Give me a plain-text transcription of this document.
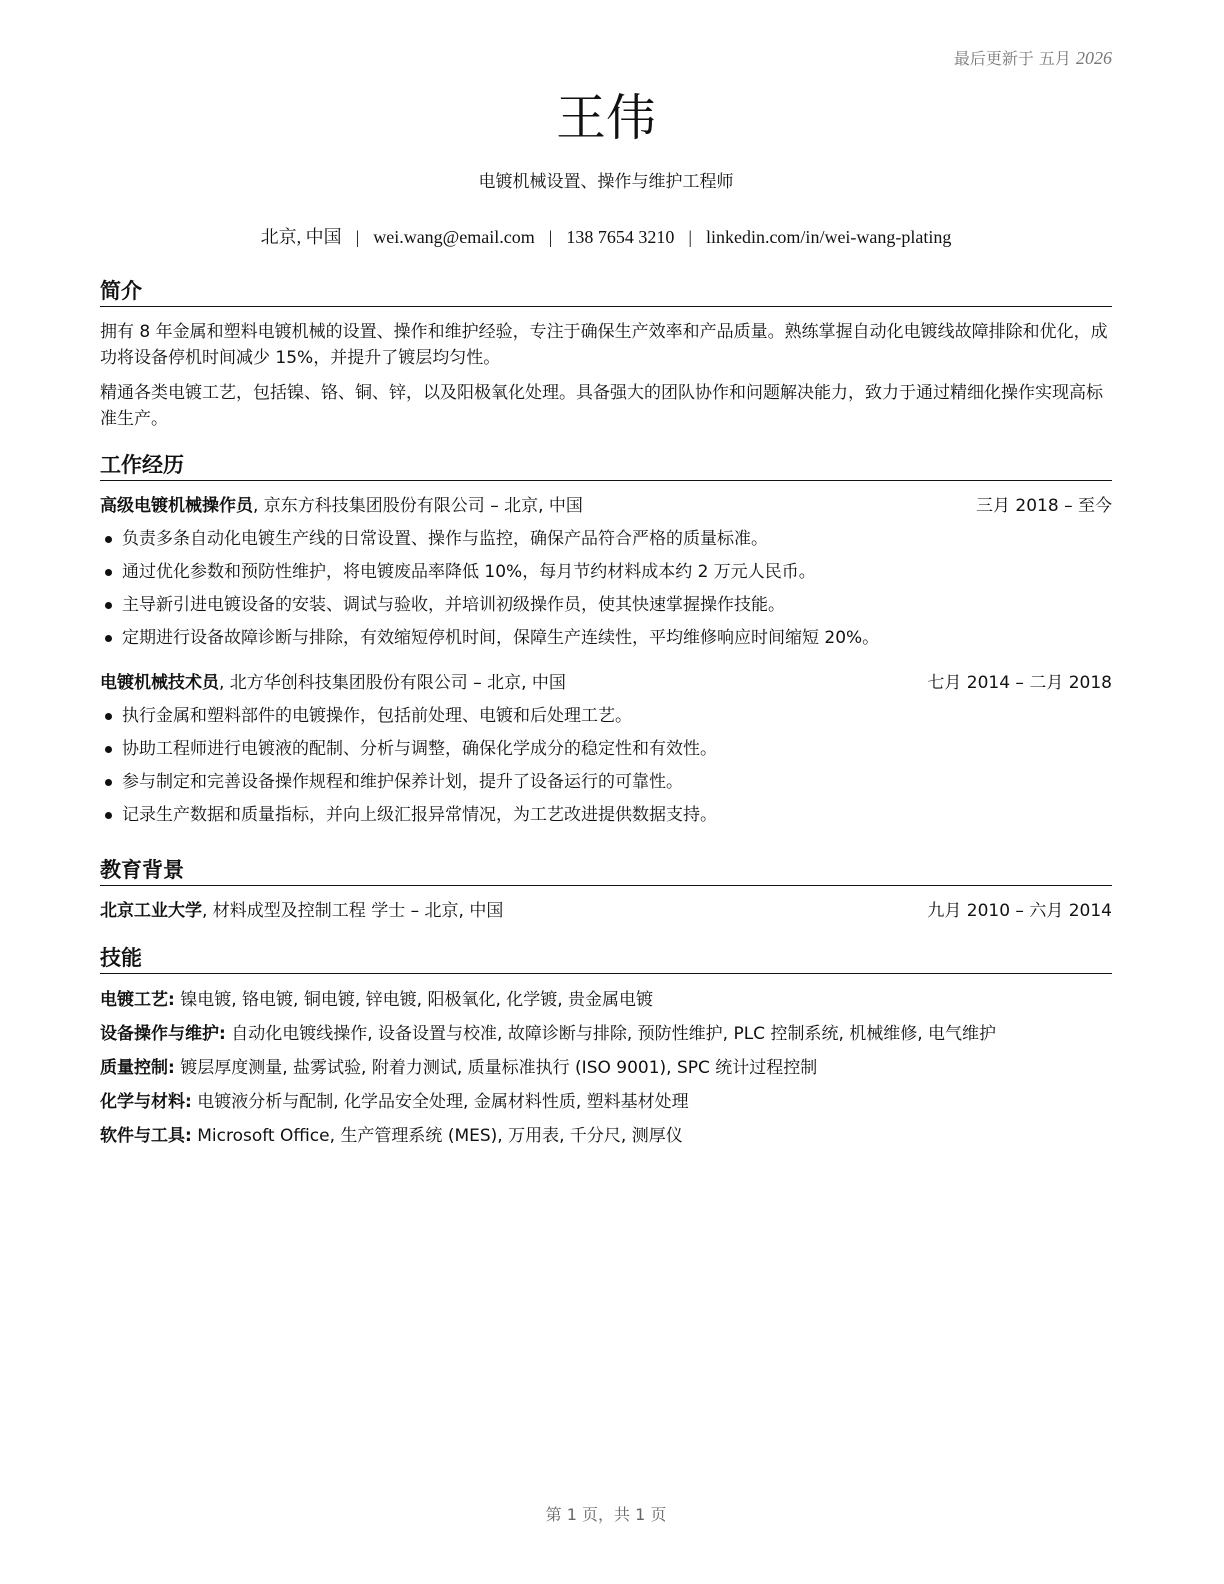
最后更新于 五月 2026
王伟
电镀机械设置、操作与维护工程师
北京, 中国 | wei.wang@email.com | 138 7654 3210 | linkedin.com/in/wei-wang-plating
简介

拥有 8 年金属和塑料电镀机械的设置、操作和维护经验，专注于确保生产效率和产品质量。熟练掌握自动化电镀线故障排除和优化，成功将设备停机时间减少 15%，并提升了镀层均匀性。

精通各类电镀工艺，包括镍、铬、铜、锌，以及阳极氧化处理。具备强大的团队协作和问题解决能力，致力于通过精细化操作实现高标准生产。

工作经历
高级电镀机械操作员, 京东方科技集团股份有限公司 – 北京, 中国	三月 2018 – 至今
负责多条自动化电镀生产线的日常设置、操作与监控，确保产品符合严格的质量标准。
通过优化参数和预防性维护，将电镀废品率降低 10%，每月节约材料成本约 2 万元人民币。
主导新引进电镀设备的安装、调试与验收，并培训初级操作员，使其快速掌握操作技能。
定期进行设备故障诊断与排除，有效缩短停机时间，保障生产连续性，平均维修响应时间缩短 20%。
电镀机械技术员, 北方华创科技集团股份有限公司 – 北京, 中国	七月 2014 – 二月 2018
执行金属和塑料部件的电镀操作，包括前处理、电镀和后处理工艺。
协助工程师进行电镀液的配制、分析与调整，确保化学成分的稳定性和有效性。
参与制定和完善设备操作规程和维护保养计划，提升了设备运行的可靠性。
记录生产数据和质量指标，并向上级汇报异常情况，为工艺改进提供数据支持。
教育背景
北京工业大学, 材料成型及控制工程 学士 – 北京, 中国	九月 2010 – 六月 2014
技能
电镀工艺: 镍电镀, 铬电镀, 铜电镀, 锌电镀, 阳极氧化, 化学镀, 贵金属电镀
设备操作与维护: 自动化电镀线操作, 设备设置与校准, 故障诊断与排除, 预防性维护, PLC 控制系统, 机械维修, 电气维护
质量控制: 镀层厚度测量, 盐雾试验, 附着力测试, 质量标准执行 (ISO 9001), SPC 统计过程控制
化学与材料: 电镀液分析与配制, 化学品安全处理, 金属材料性质, 塑料基材处理
软件与工具: Microsoft Office, 生产管理系统 (MES), 万用表, 千分尺, 测厚仪
第 1 页，共 1 页
